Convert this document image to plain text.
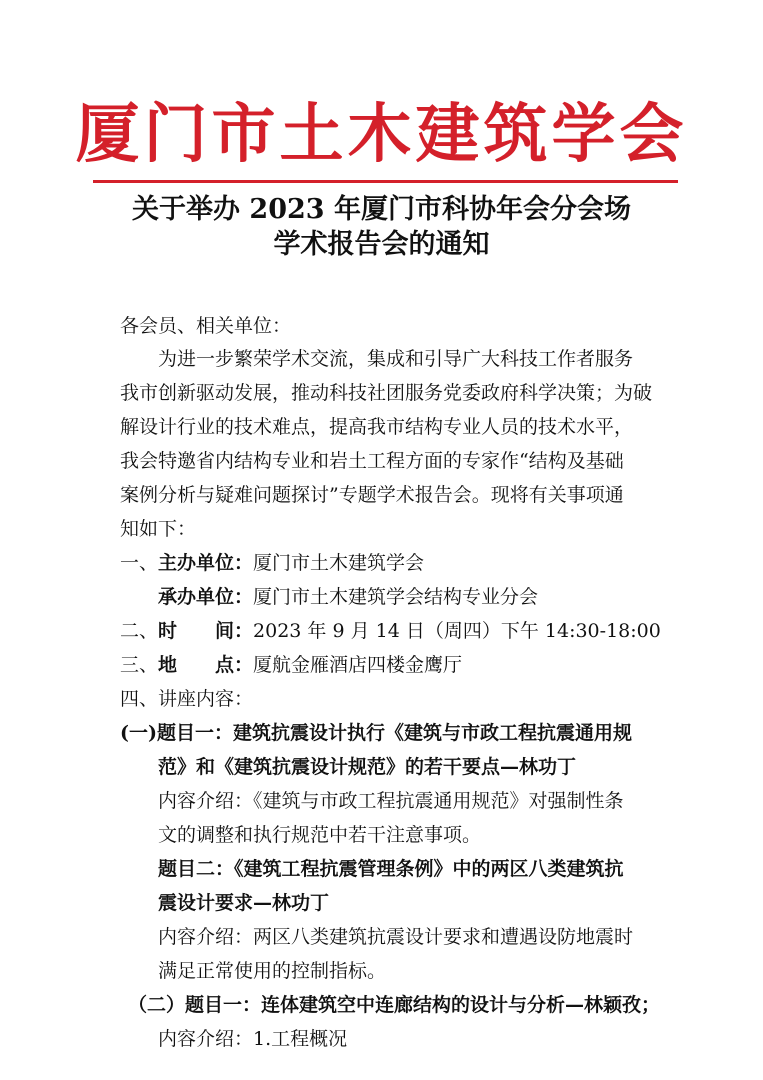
厦门市土木建筑学会
关于举办 2023 年厦门市科协年会分会场
学术报告会的通知
各会员、相关单位：
为进一步繁荣学术交流，集成和引导广大科技工作者服务
我市创新驱动发展，推动科技社团服务党委政府科学决策；为破
解设计行业的技术难点，提高我市结构专业人员的技术水平，
我会特邀省内结构专业和岩土工程方面的专家作“结构及基础
案例分析与疑难问题探讨”专题学术报告会。现将有关事项通
知如下：
一、主办单位：厦门市土木建筑学会
承办单位：厦门市土木建筑学会结构专业分会
二、时　　间：2023 年 9 月 14 日（周四）下午 14:30-18:00
三、地　　点：厦航金雁酒店四楼金鹰厅
四、讲座内容：
(一)题目一：建筑抗震设计执行《建筑与市政工程抗震通用规
范》和《建筑抗震设计规范》的若干要点—林功丁
内容介绍：《建筑与市政工程抗震通用规范》对强制性条
文的调整和执行规范中若干注意事项。
题目二：《建筑工程抗震管理条例》中的两区八类建筑抗
震设计要求—林功丁
内容介绍：两区八类建筑抗震设计要求和遭遇设防地震时
满足正常使用的控制指标。
（二）题目一：连体建筑空中连廊结构的设计与分析—林颖孜；
内容介绍：1.工程概况
